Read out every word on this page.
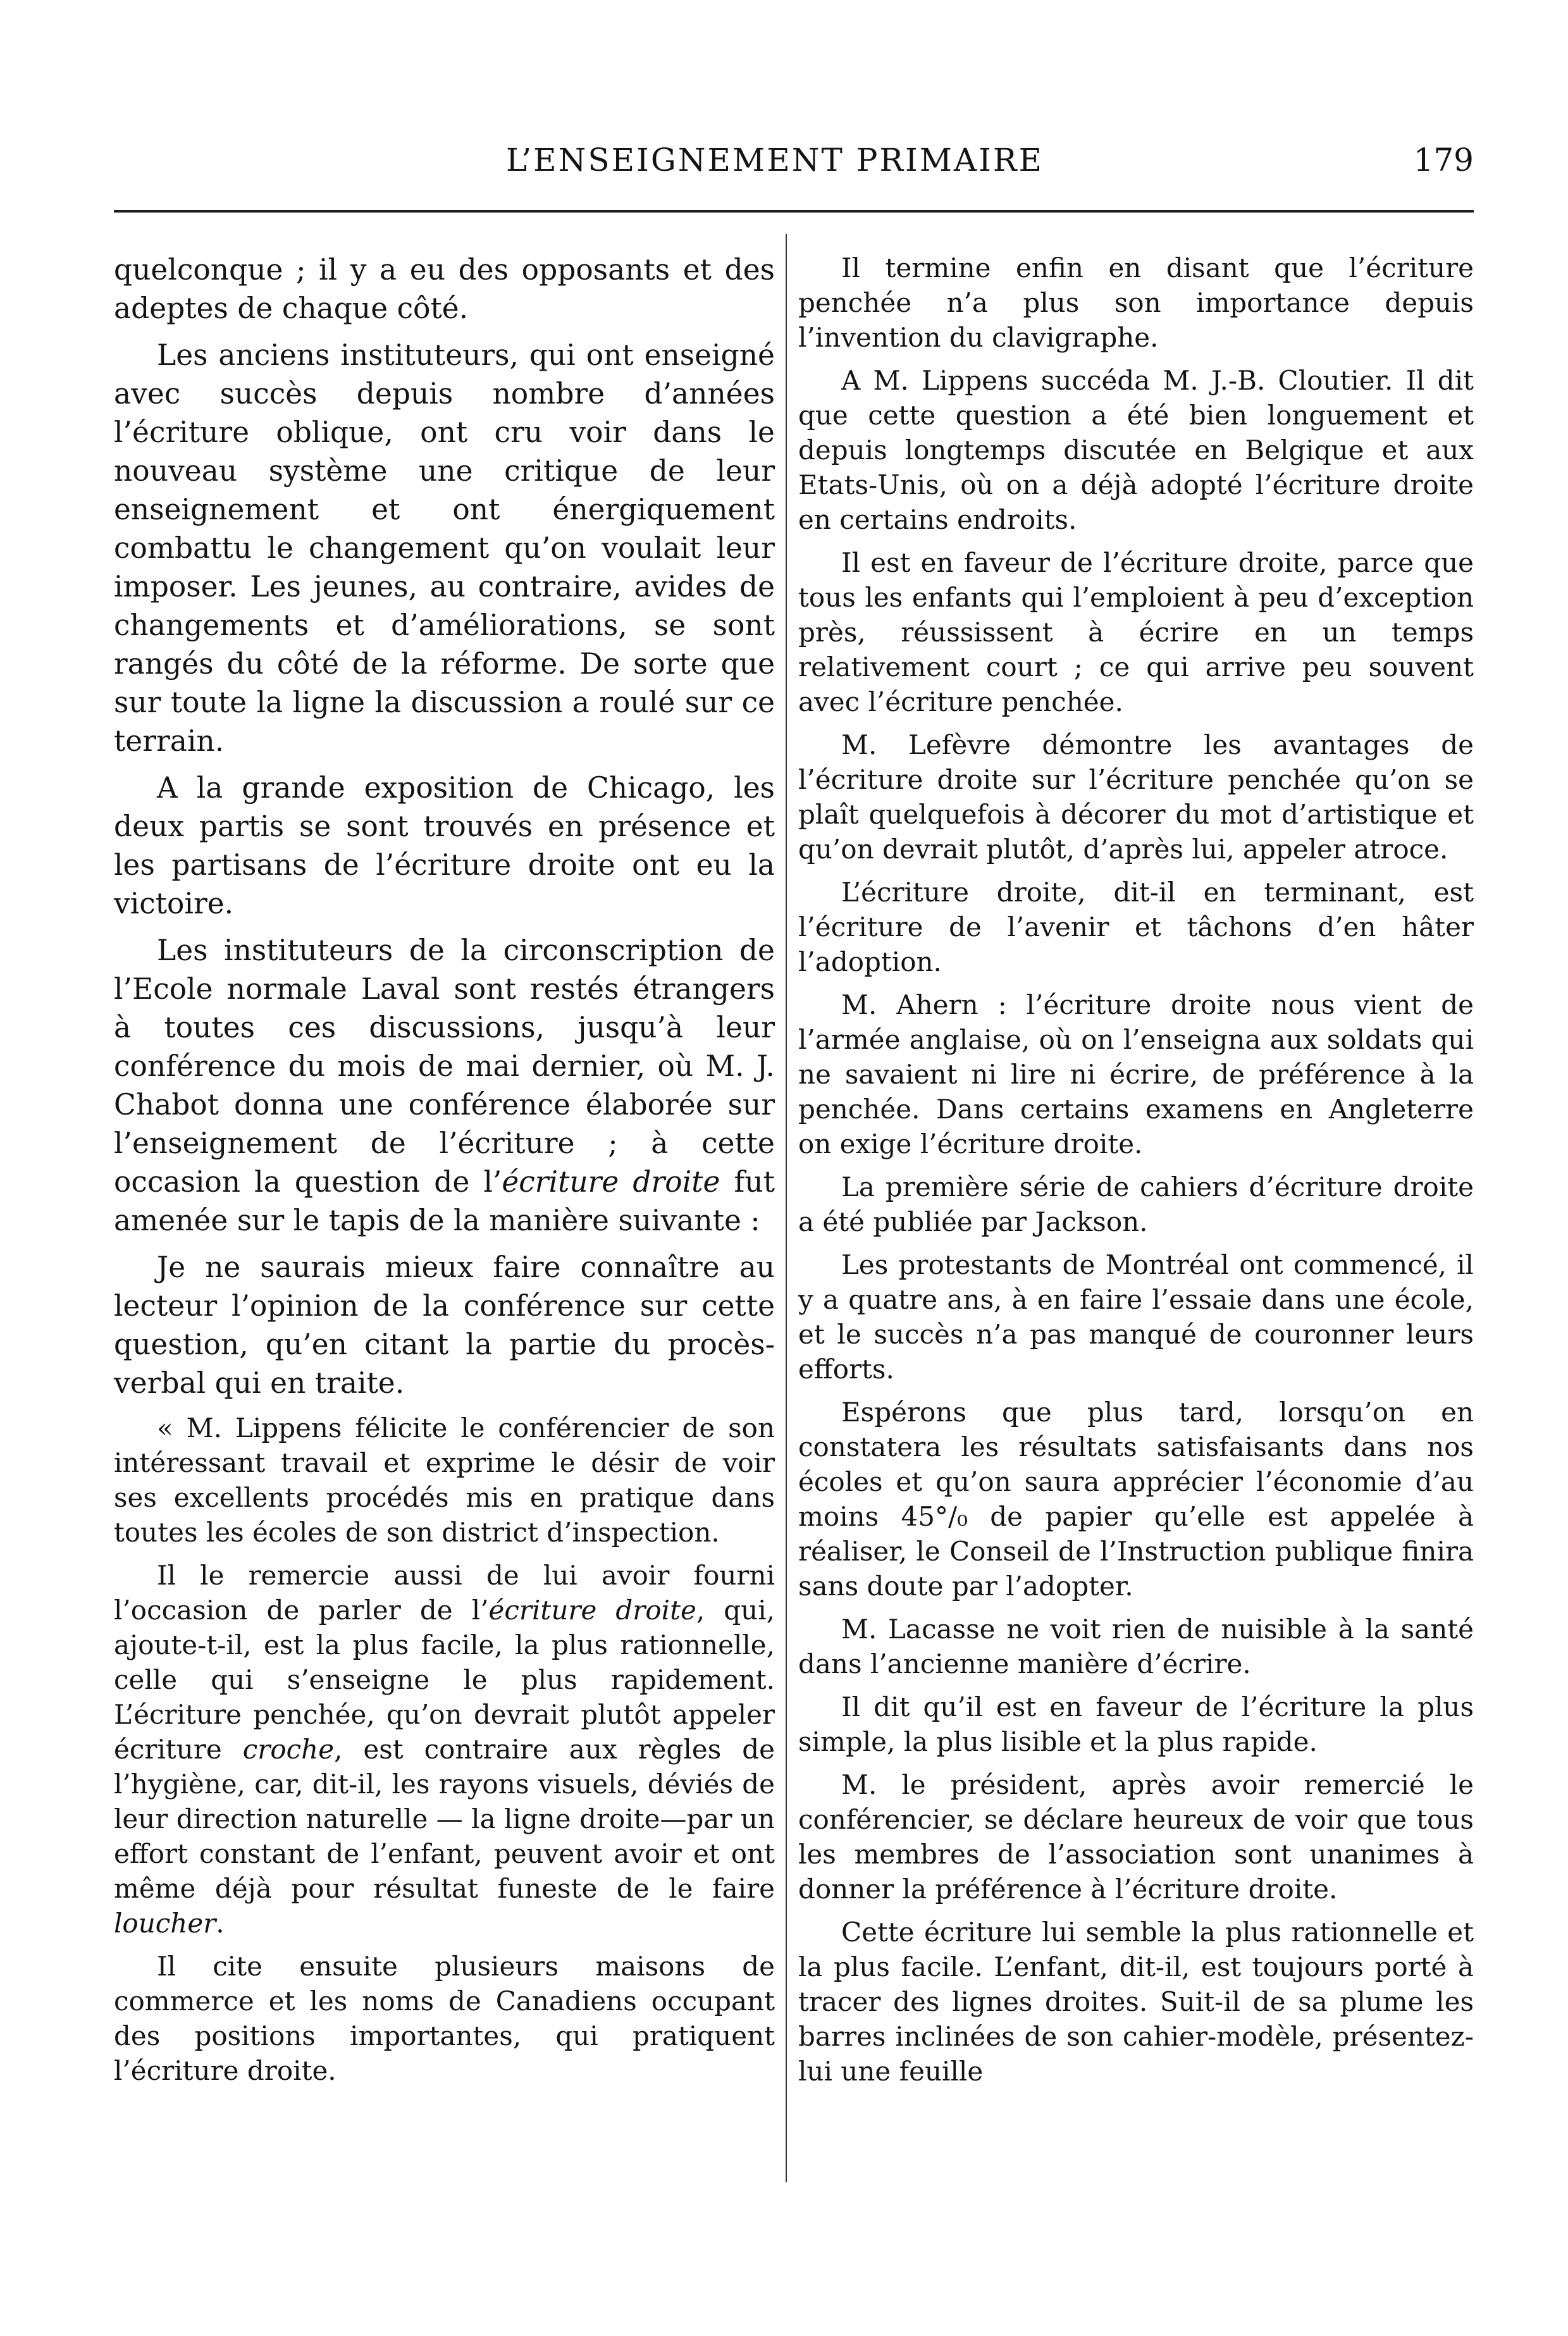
L’ENSEIGNEMENT PRIMAIRE	179

quelconque ; il y a eu des opposants et des adeptes de chaque côté.

Les anciens instituteurs, qui ont enseigné avec succès depuis nombre d’années l’écriture oblique, ont cru voir dans le nouveau système une critique de leur enseignement et ont énergiquement combattu le changement qu’on voulait leur imposer. Les jeunes, au contraire, avides de changements et d’améliorations, se sont rangés du côté de la réforme. De sorte que sur toute la ligne la discussion a roulé sur ce terrain.

A la grande exposition de Chicago, les deux partis se sont trouvés en présence et les partisans de l’écriture droite ont eu la victoire.

Les instituteurs de la circonscription de l’Ecole normale Laval sont restés étrangers à toutes ces discussions, jusqu’à leur conférence du mois de mai dernier, où M. J. Chabot donna une conférence élaborée sur l’enseignement de l’écriture ; à cette occasion la question de l’écriture droite fut amenée sur le tapis de la manière suivante :

Je ne saurais mieux faire connaître au lecteur l’opinion de la conférence sur cette question, qu’en citant la partie du procès-verbal qui en traite.

« M. Lippens félicite le conférencier de son intéressant travail et exprime le désir de voir ses excellents procédés mis en pratique dans toutes les écoles de son district d’inspection.

Il le remercie aussi de lui avoir fourni l’occasion de parler de l’écriture droite, qui, ajoute-t-il, est la plus facile, la plus rationnelle, celle qui s’enseigne le plus rapidement. L’écriture penchée, qu’on devrait plutôt appeler écriture croche, est contraire aux règles de l’hygiène, car, dit-il, les rayons visuels, déviés de leur direction naturelle — la ligne droite—par un effort constant de l’enfant, peuvent avoir et ont même déjà pour résultat funeste de le faire loucher.

Il cite ensuite plusieurs maisons de commerce et les noms de Canadiens occupant des positions importantes, qui pratiquent l’écriture droite.

Il termine enfin en disant que l’écriture penchée n’a plus son importance depuis l’invention du clavigraphe.

A M. Lippens succéda M. J.-B. Cloutier. Il dit que cette question a été bien longuement et depuis longtemps discutée en Belgique et aux Etats-Unis, où on a déjà adopté l’écriture droite en certains endroits.

Il est en faveur de l’écriture droite, parce que tous les enfants qui l’emploient à peu d’exception près, réussissent à écrire en un temps relativement court ; ce qui arrive peu souvent avec l’écriture penchée.

M. Lefèvre démontre les avantages de l’écriture droite sur l’écriture penchée qu’on se plaît quelquefois à décorer du mot d’artistique et qu’on devrait plutôt, d’après lui, appeler atroce.

L’écriture droite, dit-il en terminant, est l’écriture de l’avenir et tâchons d’en hâter l’adoption.

M. Ahern : l’écriture droite nous vient de l’armée anglaise, où on l’enseigna aux soldats qui ne savaient ni lire ni écrire, de préférence à la penchée. Dans certains examens en Angleterre on exige l’écriture droite.

La première série de cahiers d’écriture droite a été publiée par Jackson.

Les protestants de Montréal ont commencé, il y a quatre ans, à en faire l’essaie dans une école, et le succès n’a pas manqué de couronner leurs efforts.

Espérons que plus tard, lorsqu’on en constatera les résultats satisfaisants dans nos écoles et qu’on saura apprécier l’économie d’au moins 45°/₀ de papier qu’elle est appelée à réaliser, le Conseil de l’Instruction publique finira sans doute par l’adopter.

M. Lacasse ne voit rien de nuisible à la santé dans l’ancienne manière d’écrire.

Il dit qu’il est en faveur de l’écriture la plus simple, la plus lisible et la plus rapide.

M. le président, après avoir remercié le conférencier, se déclare heureux de voir que tous les membres de l’association sont unanimes à donner la préférence à l’écriture droite.

Cette écriture lui semble la plus rationnelle et la plus facile. L’enfant, dit-il, est toujours porté à tracer des lignes droites. Suit-il de sa plume les barres inclinées de son cahier-modèle, présentez-lui une feuille
